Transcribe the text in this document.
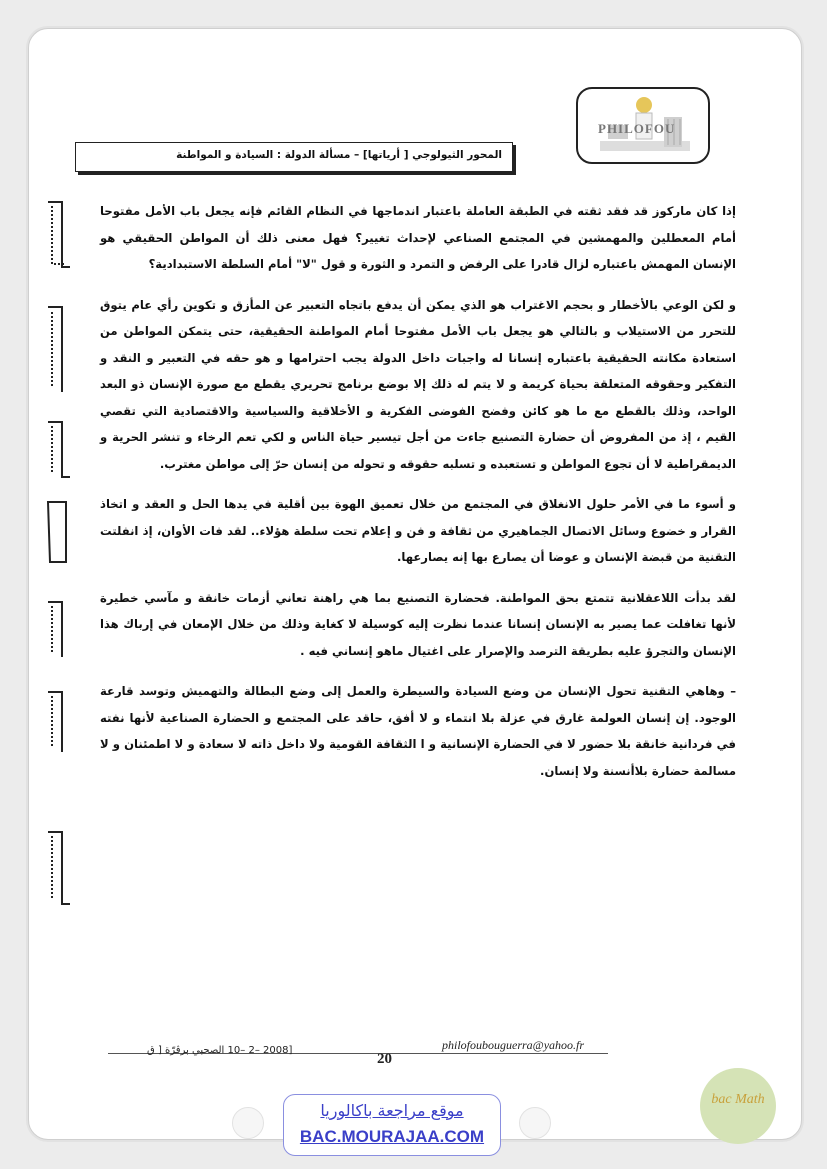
PHILOFOU
المحور الثيولوجي [ أرياتها] – مسألة الدولة : السيادة و المواطنة

إذا كان ماركوز قد فقد ثقته في الطبقة العاملة باعتبار اندماجها في النظام القائم فإنه يجعل باب الأمل مفتوحا أمام المعطلين والمهمشين في المجتمع الصناعي لإحداث تغيير؟ فهل معنى ذلك أن المواطن الحقيقي هو الإنسان المهمش باعتباره لزال قادرا على الرفض و التمرد و الثورة و قول "لا" أمام السلطة الاستبدادية؟

و لكن الوعي بالأخطار و بحجم الاغتراب هو الذي يمكن أن يدفع باتجاه التعبير عن المأزق و تكوين رأي عام يتوق للتحرر من الاستيلاب و بالتالي هو يجعل باب الأمل مفتوحا أمام المواطنة الحقيقية، حتى يتمكن المواطن من استعادة مكانته الحقيقية باعتباره إنسانا له واجبات داخل الدولة يجب احترامها و هو حقه في التعبير و النقد و التفكير وحقوقه المتعلقة بحياة كريمة و لا يتم له ذلك إلا بوضع برنامج تحريري يقطع مع صورة الإنسان ذو البعد الواحد، وذلك بالقطع مع ما هو كائن وفضح الفوضى الفكرية و الأخلاقية والسياسية والاقتصادية التي تقصي القيم ، إذ من المفروض أن حضارة التصنيع جاءت من أجل تيسير حياة الناس و لكي تعم الرخاء و تنشر الحرية و الديمقراطية لا أن تجوع المواطن و تستعبده و تسلبه حقوقه و تحوله من إنسان حرّ إلى مواطن مغترب.

و أسوء ما في الأمر حلول الانغلاق في المجتمع من خلال تعميق الهوة بين أقلية في يدها الحل و العقد و اتخاذ القرار و خضوع وسائل الاتصال الجماهيري من ثقافة و فن و إعلام تحت سلطة هؤلاء.. لقد فات الأوان، إذ انفلتت التقنية من قبضة الإنسان و عوضا أن يصارع بها إنه يصارعها.

لقد بدأت اللاعقلانية تتمتع بحق المواطنة. فحضارة التصنيع بما هي راهنة تعاني أزمات خانقة و مآسي خطيرة لأنها تغافلت عما يصير به الإنسان إنسانا عندما نظرت إليه كوسيلة لا كغاية وذلك من خلال الإمعان في إرباك هذا الإنسان والتجرؤ عليه بطريقة الترصد والإصرار على اغتيال ماهو إنساني فيه .

– وهاهي التقنية تحول الإنسان من وضع السيادة والسيطرة والعمل إلى وضع البطالة والتهميش وتوسد قارعة الوجود. إن إنسان العولمة غارق في عزلة بلا انتماء و لا أفق، حاقد على المجتمع و الحضارة الصناعية لأنها نفته في فردانية خانقة بلا حضور لا في الحضارة الإنسانية و ا الثقافة القومية ولا داخل ذاته لا سعادة و لا اطمئنان و لا مسالمة حضارة بلاأنسنة ولا إنسان.

philofoubouguerra@yahoo.fr
[2008 –2 –10 الصحبي برڤرّة [ ق
20
موقع مراجعة باكالوريا
BAC.MOURAJAA.COM
bac Math
